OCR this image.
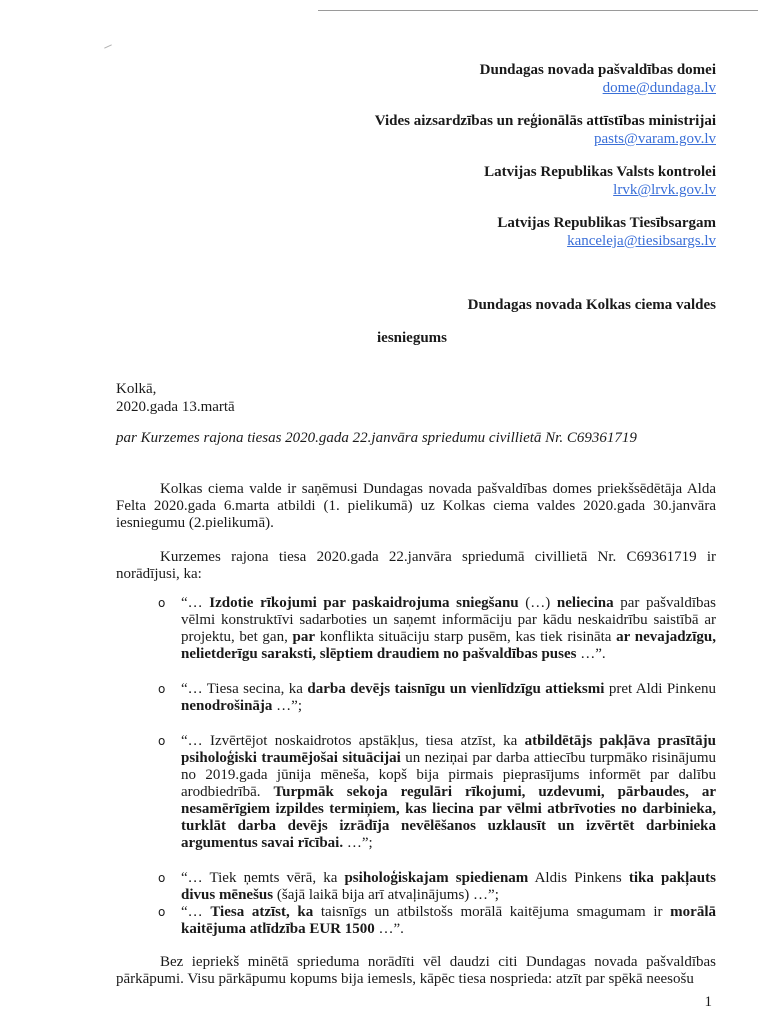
Dundagas novada pašvaldības domei
dome@dundaga.lv
Vides aizsardzības un reģionālās attīstības ministrijai
pasts@varam.gov.lv
Latvijas Republikas Valsts kontrolei
lrvk@lrvk.gov.lv
Latvijas Republikas Tiesībsargam
kanceleja@tiesibsargs.lv
Dundagas novada Kolkas ciema valdes
iesniegums
Kolkā,
2020.gada 13.martā
par Kurzemes rajona tiesas 2020.gada 22.janvāra spriedumu civillietā Nr. C69361719

Kolkas ciema valde ir saņēmusi Dundagas novada pašvaldības domes priekšsēdētāja Alda Felta 2020.gada 6.marta atbildi (1. pielikumā) uz Kolkas ciema valdes 2020.gada 30.janvāra iesniegumu (2.pielikumā).

Kurzemes rajona tiesa 2020.gada 22.janvāra spriedumā civillietā Nr. C69361719 ir norādījusi, ka:

o “… Izdotie rīkojumi par paskaidrojuma sniegšanu (…) neliecina par pašvaldības vēlmi konstruktīvi sadarboties un saņemt informāciju par kādu neskaidrību saistībā ar projektu, bet gan, par konflikta situāciju starp pusēm, kas tiek risināta ar nevajadzīgu, nelietderīgu saraksti, slēptiem draudiem no pašvaldības puses …”.
o “… Tiesa secina, ka darba devējs taisnīgu un vienlīdzīgu attieksmi pret Aldi Pinkenu nenodrošināja …”;
o “… Izvērtējot noskaidrotos apstākļus, tiesa atzīst, ka atbildētājs pakļāva prasītāju psiholoģiski traumējošai situācijai un neziņai par darba attiecību turpmāko risinājumu no 2019.gada jūnija mēneša, kopš bija pirmais pieprasījums informēt par dalību arodbiedrībā. Turpmāk sekoja regulāri rīkojumi, uzdevumi, pārbaudes, ar nesamērīgiem izpildes termiņiem, kas liecina par vēlmi atbrīvoties no darbinieka, turklāt darba devējs izrādīja nevēlēšanos uzklausīt un izvērtēt darbinieka argumentus savai rīcībai. …”;
o “… Tiek ņemts vērā, ka psiholoģiskajam spiedienam Aldis Pinkens tika pakļauts divus mēnešus (šajā laikā bija arī atvaļinājums) …”;
o “… Tiesa atzīst, ka taisnīgs un atbilstošs morālā kaitējuma smagumam ir morālā kaitējuma atlīdzība EUR 1500 …”.

Bez iepriekš minētā sprieduma norādīti vēl daudzi citi Dundagas novada pašvaldības pārkāpumi. Visu pārkāpumu kopums bija iemesls, kāpēc tiesa nosprieda: atzīt par spēkā neesošu

1
